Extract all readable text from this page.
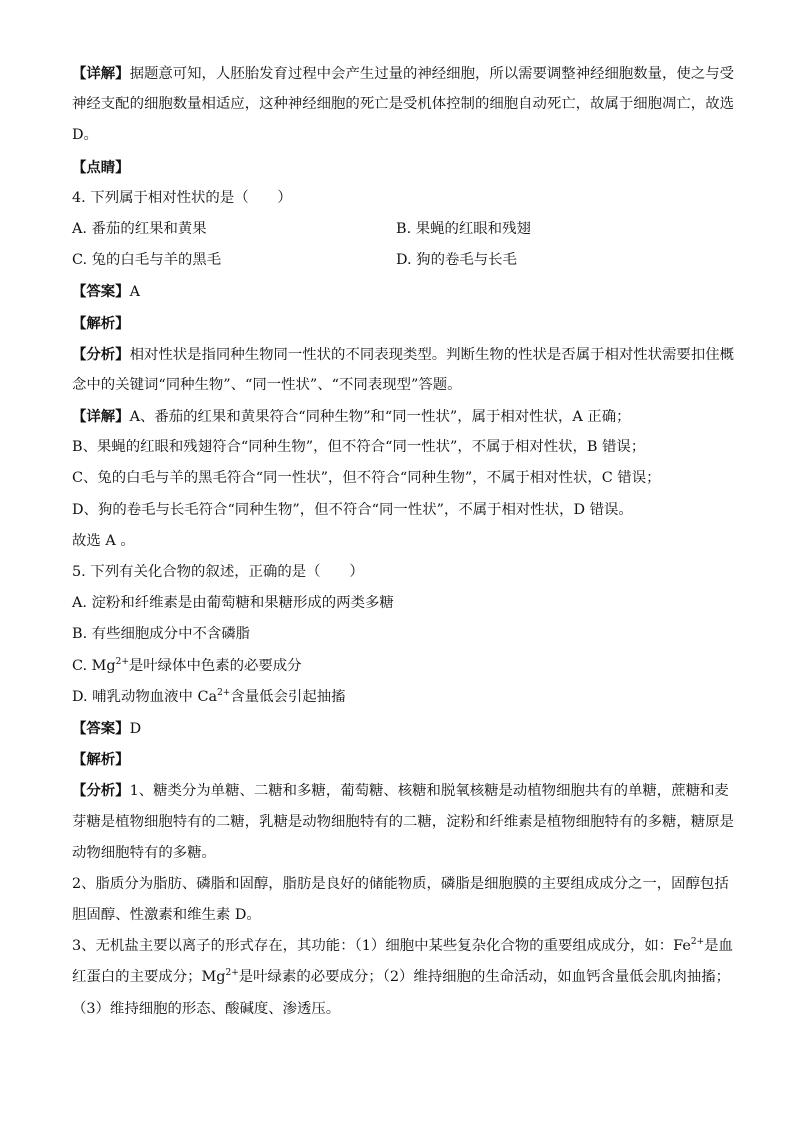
【详解】据题意可知，人胚胎发育过程中会产生过量的神经细胞，所以需要调整神经细胞数量，使之与受
神经支配的细胞数量相适应，这种神经细胞的死亡是受机体控制的细胞自动死亡，故属于细胞凋亡，故选
D。
【点睛】
4. 下列属于相对性状的是（　　）
A. 番茄的红果和黄果	B. 果蝇的红眼和残翅
C. 兔的白毛与羊的黑毛	D. 狗的卷毛与长毛
【答案】A
【解析】
【分析】相对性状是指同种生物同一性状的不同表现类型。判断生物的性状是否属于相对性状需要扣住概
念中的关键词“同种生物”、“同一性状”、“不同表现型”答题。
【详解】A、番茄的红果和黄果符合“同种生物”和“同一性状”，属于相对性状，A 正确；
B、果蝇的红眼和残翅符合“同种生物”，但不符合“同一性状”，不属于相对性状，B 错误；
C、兔的白毛与羊的黑毛符合“同一性状”，但不符合“同种生物”，不属于相对性状，C 错误；
D、狗的卷毛与长毛符合“同种生物”，但不符合“同一性状”，不属于相对性状，D 错误。
故选 A 。
5. 下列有关化合物的叙述，正确的是（　　）
A. 淀粉和纤维素是由葡萄糖和果糖形成的两类多糖
B. 有些细胞成分中不含磷脂
C. $Mg^{2+}$是叶绿体中色素的必要成分
D. 哺乳动物血液中 $Ca^{2+}$含量低会引起抽搐
【答案】D
【解析】
【分析】1、糖类分为单糖、二糖和多糖，葡萄糖、核糖和脱氧核糖是动植物细胞共有的单糖，蔗糖和麦
芽糖是植物细胞特有的二糖，乳糖是动物细胞特有的二糖，淀粉和纤维素是植物细胞特有的多糖，糖原是
动物细胞特有的多糖。
2、脂质分为脂肪、磷脂和固醇，脂肪是良好的储能物质，磷脂是细胞膜的主要组成成分之一，固醇包括
胆固醇、性激素和维生素 D。
3、无机盐主要以离子的形式存在，其功能：（1）细胞中某些复杂化合物的重要组成成分，如：$Fe^{2+}$是血
红蛋白的主要成分；$Mg^{2+}$是叶绿素的必要成分；（2）维持细胞的生命活动，如血钙含量低会肌肉抽搐；
（3）维持细胞的形态、酸碱度、渗透压。
